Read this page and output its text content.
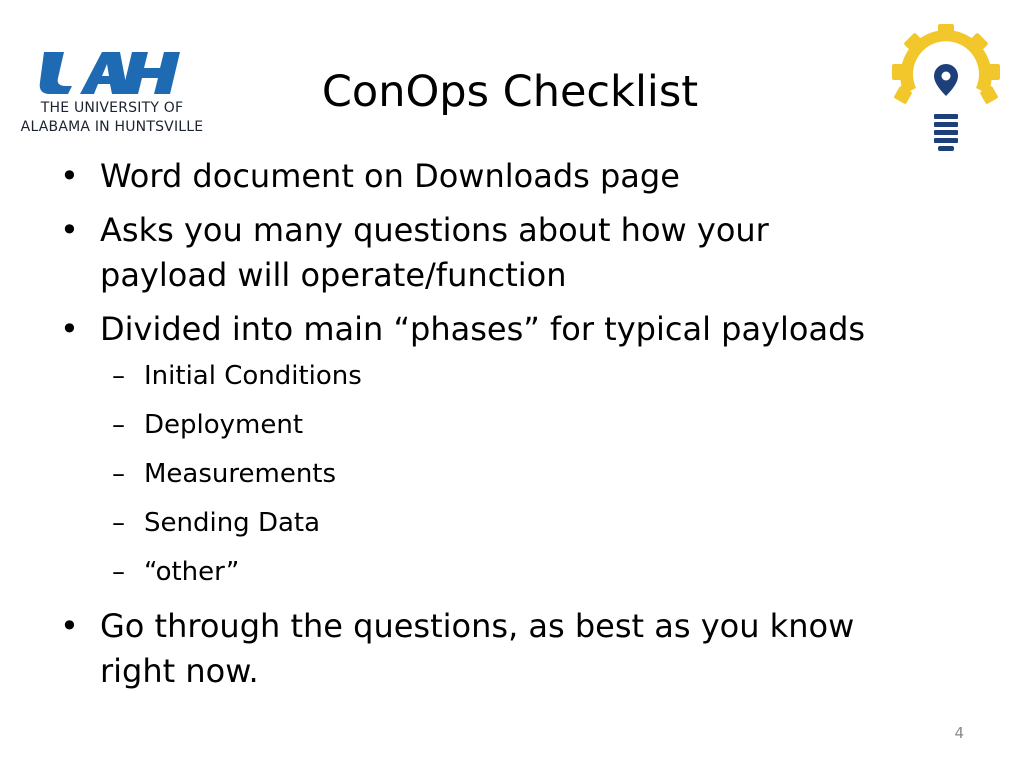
THE UNIVERSITY OF
ALABAMA IN HUNTSVILLE
ConOps Checklist
• Word document on Downloads page
• Asks you many questions about how your
payload will operate/function
• Divided into main “phases” for typical payloads
– Initial Conditions
– Deployment
– Measurements
– Sending Data
– “other”
• Go through the questions, as best as you know
right now.
4
